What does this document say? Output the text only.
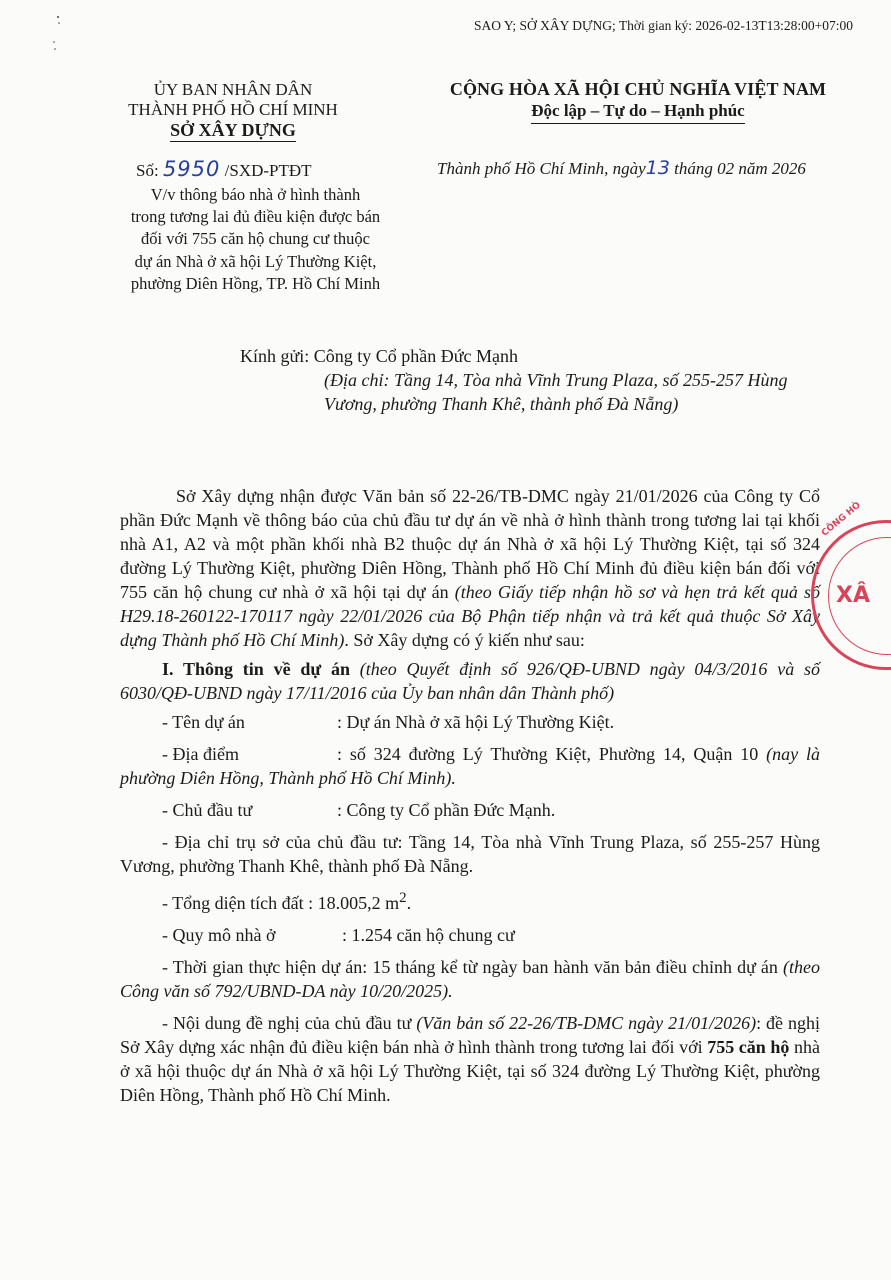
SAO Y; SỞ XÂY DỰNG; Thời gian ký: 2026-02-13T13:28:00+07:00
ỦY BAN NHÂN DÂN
THÀNH PHỐ HỒ CHÍ MINH
SỞ XÂY DỰNG
CỘNG HÒA XÃ HỘI CHỦ NGHĨA VIỆT NAM
Độc lập – Tự do – Hạnh phúc
Số: 5950 /SXD-PTĐT	Thành phố Hồ Chí Minh, ngày13 tháng 02 năm 2026
V/v thông báo nhà ở hình thành
trong tương lai đủ điều kiện được bán
đối với 755 căn hộ chung cư thuộc
dự án Nhà ở xã hội Lý Thường Kiệt,
phường Diên Hồng, TP. Hồ Chí Minh
Kính gửi: Công ty Cổ phần Đức Mạnh
(Địa chỉ: Tầng 14, Tòa nhà Vĩnh Trung Plaza, số 255-257 Hùng Vương, phường Thanh Khê, thành phố Đà Nẵng)

Sở Xây dựng nhận được Văn bản số 22-26/TB-DMC ngày 21/01/2026 của Công ty Cổ phần Đức Mạnh về thông báo của chủ đầu tư dự án về nhà ở hình thành trong tương lai tại khối nhà A1, A2 và một phần khối nhà B2 thuộc dự án Nhà ở xã hội Lý Thường Kiệt, tại số 324 đường Lý Thường Kiệt, phường Diên Hồng, Thành phố Hồ Chí Minh đủ điều kiện bán đối với 755 căn hộ chung cư nhà ở xã hội tại dự án (theo Giấy tiếp nhận hồ sơ và hẹn trả kết quả số H29.18-260122-170117 ngày 22/01/2026 của Bộ Phận tiếp nhận và trả kết quả thuộc Sở Xây dựng Thành phố Hồ Chí Minh). Sở Xây dựng có ý kiến như sau:

I. Thông tin về dự án (theo Quyết định số 926/QĐ-UBND ngày 04/3/2016 và số 6030/QĐ-UBND ngày 17/11/2016 của Ủy ban nhân dân Thành phố)

- Tên dự án	: Dự án Nhà ở xã hội Lý Thường Kiệt.

- Địa điểm	: số 324 đường Lý Thường Kiệt, Phường 14, Quận 10 (nay là phường Diên Hồng, Thành phố Hồ Chí Minh).

- Chủ đầu tư	: Công ty Cổ phần Đức Mạnh.

- Địa chỉ trụ sở của chủ đầu tư: Tầng 14, Tòa nhà Vĩnh Trung Plaza, số 255-257 Hùng Vương, phường Thanh Khê, thành phố Đà Nẵng.

- Tổng diện tích đất : 18.005,2 $m^2$.

- Quy mô nhà ở	: 1.254 căn hộ chung cư

- Thời gian thực hiện dự án: 15 tháng kể từ ngày ban hành văn bản điều chỉnh dự án (theo Công văn số 792/UBND-DA này 10/20/2025).

- Nội dung đề nghị của chủ đầu tư (Văn bản số 22-26/TB-DMC ngày 21/01/2026): đề nghị Sở Xây dựng xác nhận đủ điều kiện bán nhà ở hình thành trong tương lai đối với 755 căn hộ nhà ở xã hội thuộc dự án Nhà ở xã hội Lý Thường Kiệt, tại số 324 đường Lý Thường Kiệt, phường Diên Hồng, Thành phố Hồ Chí Minh.

CÔNG HÒ
XÂ
